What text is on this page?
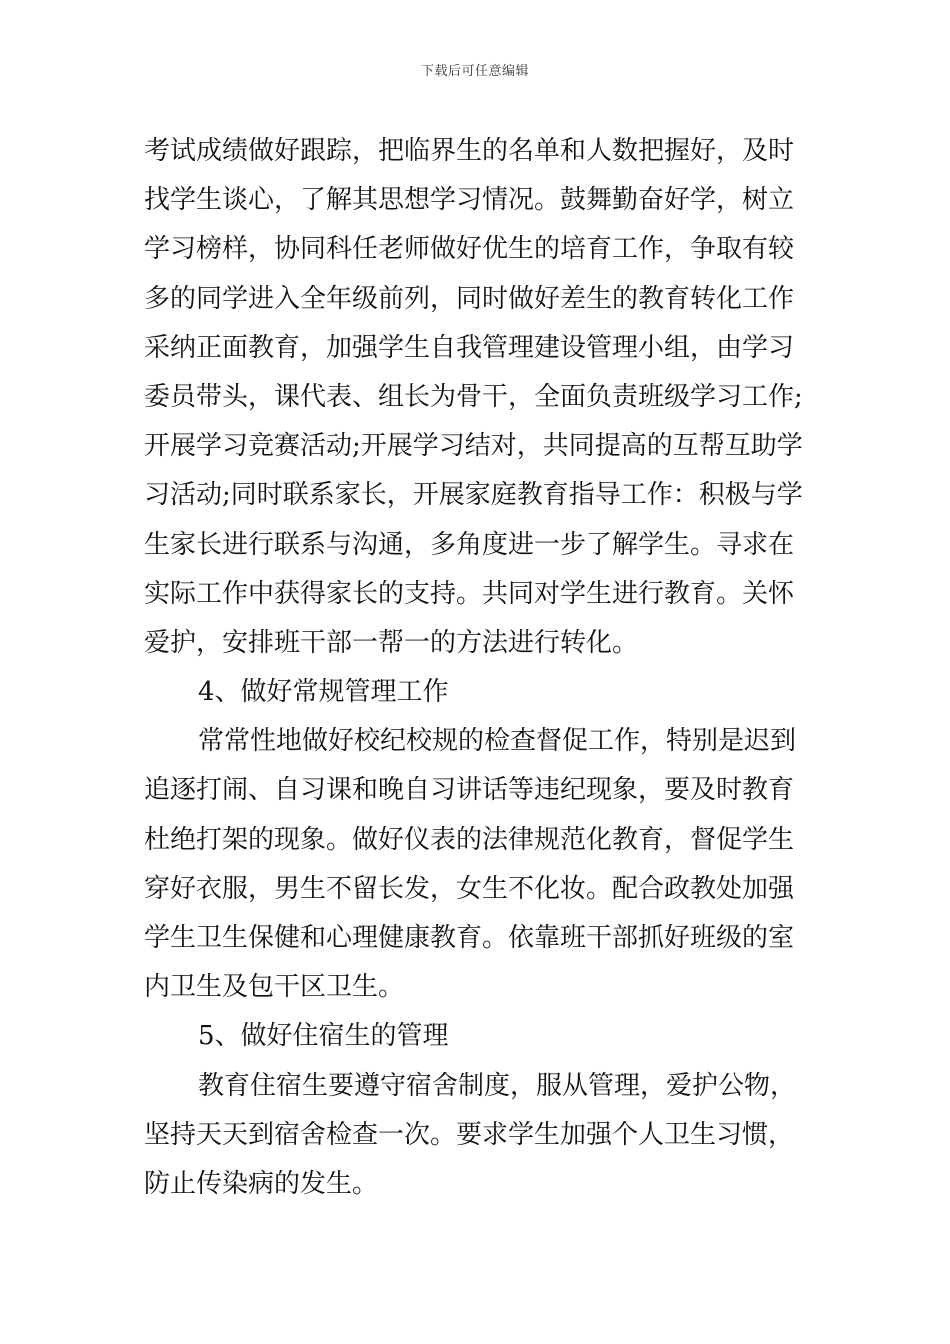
下载后可任意编辑
考试成绩做好跟踪，把临界生的名单和人数把握好，及时
找学生谈心，了解其思想学习情况。鼓舞勤奋好学，树立
学习榜样，协同科任老师做好优生的培育工作，争取有较
多的同学进入全年级前列，同时做好差生的教育转化工作
采纳正面教育，加强学生自我管理建设管理小组，由学习
委员带头，课代表、组长为骨干，全面负责班级学习工作;
开展学习竞赛活动;开展学习结对，共同提高的互帮互助学
习活动;同时联系家长，开展家庭教育指导工作：积极与学
生家长进行联系与沟通，多角度进一步了解学生。寻求在
实际工作中获得家长的支持。共同对学生进行教育。关怀
爱护，安排班干部一帮一的方法进行转化。
4、做好常规管理工作
常常性地做好校纪校规的检查督促工作，特别是迟到
追逐打闹、自习课和晚自习讲话等违纪现象，要及时教育
杜绝打架的现象。做好仪表的法律规范化教育，督促学生
穿好衣服，男生不留长发，女生不化妆。配合政教处加强
学生卫生保健和心理健康教育。依靠班干部抓好班级的室
内卫生及包干区卫生。
5、做好住宿生的管理
教育住宿生要遵守宿舍制度，服从管理，爱护公物，
坚持天天到宿舍检查一次。要求学生加强个人卫生习惯，
防止传染病的发生。
